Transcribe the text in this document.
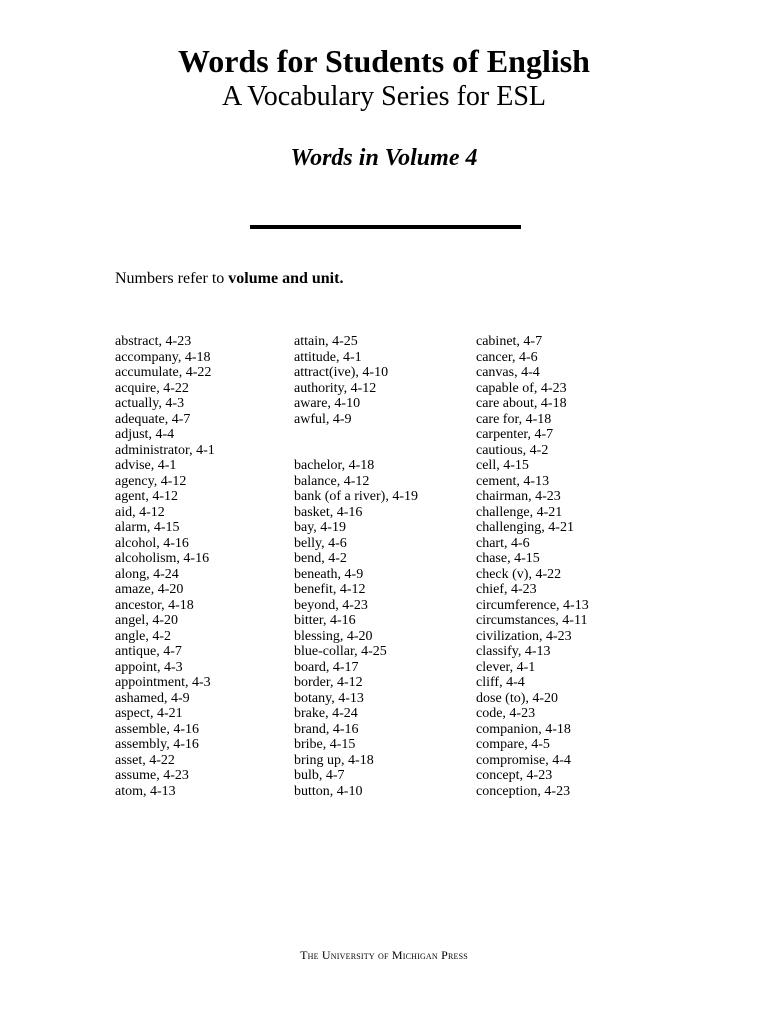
Words for Students of English
A Vocabulary Series for ESL
Words in Volume 4
Numbers refer to volume and unit.
abstract, 4-23
accompany, 4-18
accumulate, 4-22
acquire, 4-22
actually, 4-3
adequate, 4-7
adjust, 4-4
administrator, 4-1
advise, 4-1
agency, 4-12
agent, 4-12
aid, 4-12
alarm, 4-15
alcohol, 4-16
alcoholism, 4-16
along, 4-24
amaze, 4-20
ancestor, 4-18
angel, 4-20
angle, 4-2
antique, 4-7
appoint, 4-3
appointment, 4-3
ashamed, 4-9
aspect, 4-21
assemble, 4-16
assembly, 4-16
asset, 4-22
assume, 4-23
atom, 4-13
attain, 4-25
attitude, 4-1
attract(ive), 4-10
authority, 4-12
aware, 4-10
awful, 4-9
bachelor, 4-18
balance, 4-12
bank (of a river), 4-19
basket, 4-16
bay, 4-19
belly, 4-6
bend, 4-2
beneath, 4-9
benefit, 4-12
beyond, 4-23
bitter, 4-16
blessing, 4-20
blue-collar, 4-25
board, 4-17
border, 4-12
botany, 4-13
brake, 4-24
brand, 4-16
bribe, 4-15
bring up, 4-18
bulb, 4-7
button, 4-10
cabinet, 4-7
cancer, 4-6
canvas, 4-4
capable of, 4-23
care about, 4-18
care for, 4-18
carpenter, 4-7
cautious, 4-2
cell, 4-15
cement, 4-13
chairman, 4-23
challenge, 4-21
challenging, 4-21
chart, 4-6
chase, 4-15
check (v), 4-22
chief, 4-23
circumference, 4-13
circumstances, 4-11
civilization, 4-23
classify, 4-13
clever, 4-1
cliff, 4-4
dose (to), 4-20
code, 4-23
companion, 4-18
compare, 4-5
compromise, 4-4
concept, 4-23
conception, 4-23
The University of Michigan Press
